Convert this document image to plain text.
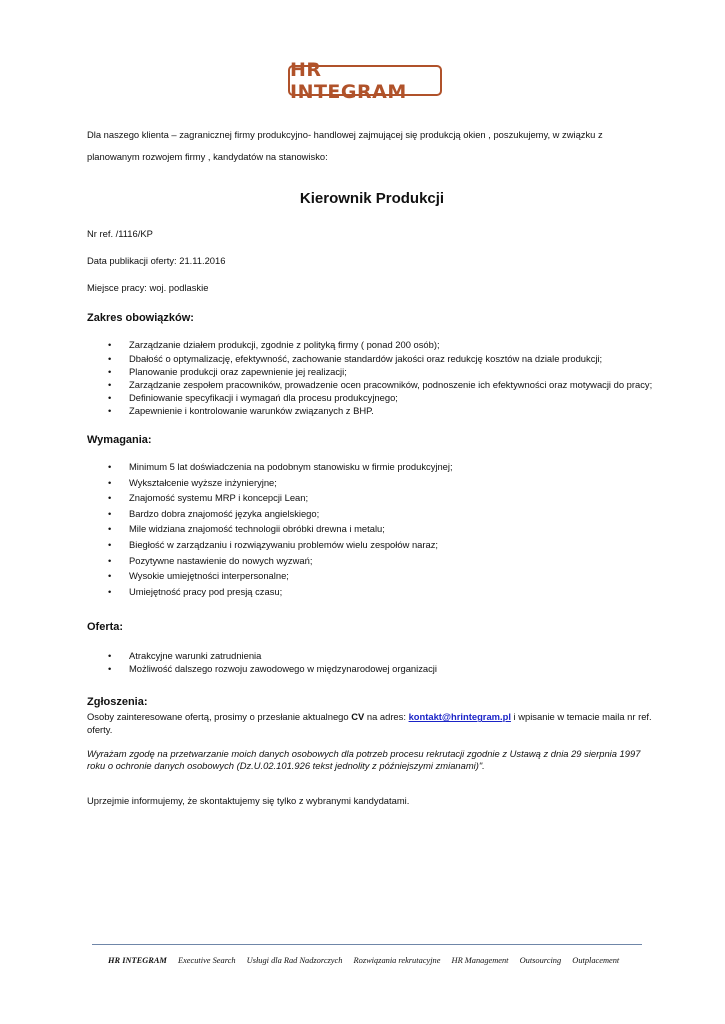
HR INTEGRAM

Dla naszego klienta – zagranicznej firmy produkcyjno- handlowej zajmującej się produkcją okien , poszukujemy, w związku z planowanym rozwojem firmy , kandydatów na stanowisko:

Kierownik Produkcji

Nr ref. /1116/KP

Data publikacji oferty: 21.11.2016

Miejsce pracy: woj. podlaskie

Zakres obowiązków:

• Zarządzanie działem produkcji, zgodnie z polityką firmy ( ponad 200 osób);
• Dbałość o optymalizację, efektywność, zachowanie standardów jakości oraz redukcję kosztów na dziale produkcji;
• Planowanie produkcji oraz zapewnienie jej realizacji;
• Zarządzanie zespołem pracowników, prowadzenie ocen pracowników, podnoszenie ich efektywności oraz motywacji do pracy;
• Definiowanie specyfikacji i wymagań dla procesu produkcyjnego;
• Zapewnienie i kontrolowanie warunków związanych z BHP.

Wymagania:

• Minimum 5 lat doświadczenia na podobnym stanowisku w firmie produkcyjnej;
• Wykształcenie wyższe inżynieryjne;
• Znajomość systemu MRP i koncepcji Lean;
• Bardzo dobra znajomość języka angielskiego;
• Mile widziana znajomość technologii obróbki drewna i metalu;
• Biegłość w zarządzaniu i rozwiązywaniu problemów wielu zespołów naraz;
• Pozytywne nastawienie do nowych wyzwań;
• Wysokie umiejętności interpersonalne;
• Umiejętność pracy pod presją czasu;

Oferta:

• Atrakcyjne warunki zatrudnienia
• Możliwość dalszego rozwoju zawodowego w międzynarodowej organizacji

Zgłoszenia:

Osoby zainteresowane ofertą, prosimy o przesłanie aktualnego CV na adres: kontakt@hrintegram.pl i wpisanie w temacie maila nr ref. oferty.

Wyrażam zgodę na przetwarzanie moich danych osobowych dla potrzeb procesu rekrutacji zgodnie z Ustawą z dnia 29 sierpnia 1997 roku o ochronie danych osobowych (Dz.U.02.101.926 tekst jednolity z późniejszymi zmianami)".

Uprzejmie informujemy, że skontaktujemy się tylko z wybranymi kandydatami.

HR INTEGRAM Executive Search Usługi dla Rad Nadzorczych Rozwiązania rekrutacyjne HR Management Outsourcing Outplacement
